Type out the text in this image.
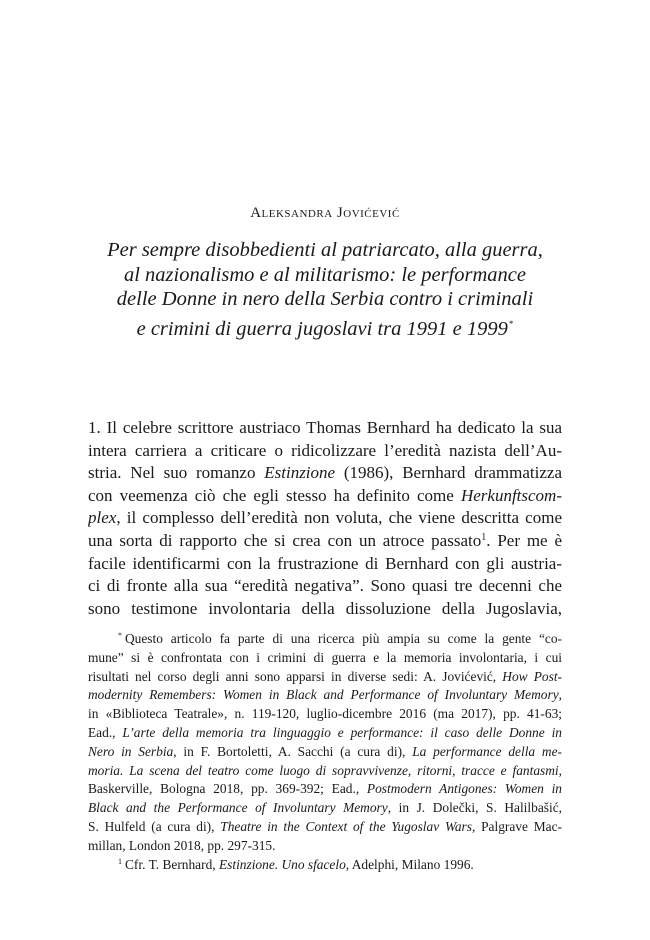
Aleksandra Jovićević
Per sempre disobbedienti al patriarcato, alla guerra,
al nazionalismo e al militarismo: le performance
delle Donne in nero della Serbia contro i criminali
e crimini di guerra jugoslavi tra 1991 e 1999*
1. Il celebre scrittore austriaco Thomas Bernhard ha dedicato la sua
intera carriera a criticare o ridicolizzare l’eredità nazista dell’Au-
stria. Nel suo romanzo Estinzione (1986), Bernhard drammatizza
con veemenza ciò che egli stesso ha definito come Herkunftscom-
plex, il complesso dell’eredità non voluta, che viene descritta come
una sorta di rapporto che si crea con un atroce passato$^1$. Per me è
facile identificarmi con la frustrazione di Bernhard con gli austria-
ci di fronte alla sua “eredità negativa”. Sono quasi tre decenni che
sono testimone involontaria della dissoluzione della Jugoslavia,
* Questo articolo fa parte di una ricerca più ampia su come la gente “co-
mune” si è confrontata con i crimini di guerra e la memoria involontaria, i cui
risultati nel corso degli anni sono apparsi in diverse sedi: A. Jovićević, How Post-
modernity Remembers: Women in Black and Performance of Involuntary Memory,
in «Biblioteca Teatrale», n. 119-120, luglio-dicembre 2016 (ma 2017), pp. 41-63;
Ead., L’arte della memoria tra linguaggio e performance: il caso delle Donne in
Nero in Serbia, in F. Bortoletti, A. Sacchi (a cura di), La performance della me-
moria. La scena del teatro come luogo di sopravvivenze, ritorni, tracce e fantasmi,
Baskerville, Bologna 2018, pp. 369-392; Ead., Postmodern Antigones: Women in
Black and the Performance of Involuntary Memory, in J. Dolečki, S. Halilbašić,
S. Hulfeld (a cura di), Theatre in the Context of the Yugoslav Wars, Palgrave Mac-
millan, London 2018, pp. 297-315.
$^1$ Cfr. T. Bernhard, Estinzione. Uno sfacelo, Adelphi, Milano 1996.
